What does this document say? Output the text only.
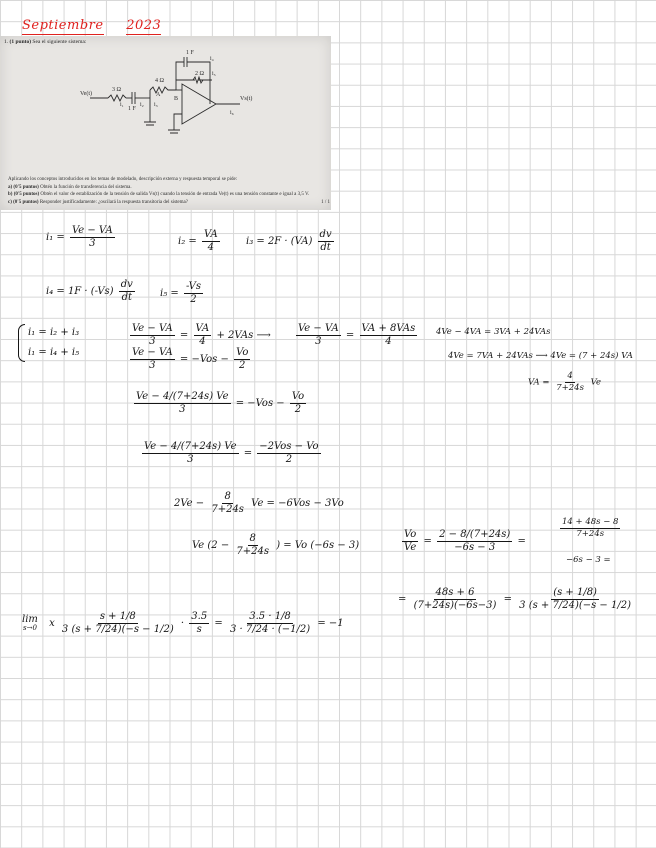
Septiembre 2023
1. (1 punto) Sea el siguiente sistema:
1 F
2 Ω
4 Ω
3 Ω
1 F
Ve(t)
Vs(t)
i₄
i₅
i₆
i₁	i₂ i₃
B
A

Aplicando los conceptos introducidos en los temas de modelado, descripción externa y respuesta temporal se pide:

a) (0'5 puntos) Obtén la función de transferencia del sistema.

b) (0'5 puntos) Obtén el valor de establización de la tensión de salida Vs(t) cuando la tensión de entrada Ve(t) es una tensión constante e igual a 3,5 V.

c) (0'5 puntos) Responder justificadamente: ¿oscilará la respuesta transitoria del sistema?	1 / 1

$i_1 = \frac{Ve - VA}{3}$	$i_2 = \frac{VA}{4}$	$i_3 = 2F \cdot (VA) \frac{dv}{dt}$
$i_4 = 1F \cdot (-Vs) \frac{dv}{dt}$	$i_5 = \frac{-Vs}{2}$
i₁ = i₂ + i₃
i₁ = i₄ + i₅
$\frac{Ve - VA}{3} = \frac{VA}{4} + 2VAs$ ⟶	$\frac{Ve - VA}{3} = \frac{\text{VA + 8VAs}}{4} 4Ve - 4VA = 3VA + 24VAs$
4Ve = 7VA + 24VAs ⟶ 4Ve = (7 + 24s) VA
VA = $\frac{4}{7+24s}$ Ve
$\frac{Ve - VA}{3} = -Vos - \frac{Vo}{2}$
$\frac{Ve - 4/(7+24s) Ve}{3} = -Vos - \frac{Vo}{2}$
$\frac{Ve - 4/(7+24s) Ve}{3} = \frac{\text{−2Vos − Vo}}{2}$
$2Ve - \frac{8}{7+24s}$ Ve = −6Vos − 3Vo
Ve ($2 - \frac{8}{7+24s}$ ) = Vo (−6s − 3)	$\frac{Vo}{Ve} = \frac{2 - 8/(7+24s)}{-6s - 3}$ =
$\frac{14 + 48s - 8}{7+24s}$
−6s − 3 =
= $\frac{48s + 6}{(7+24s)(-6s-3)} = \frac{(s + 1/8)}{3 (s + 7/24)(-s - 1/2)}$
lim
s→0 x $\frac{s + 1/8}{3 (s + 7/24)(-s - 1/2)} \cdot \frac{3.5}{s} = \frac{3.5 \cdot 1/8}{3 \cdot 7/24 \cdot (-1/2)} = -1$
